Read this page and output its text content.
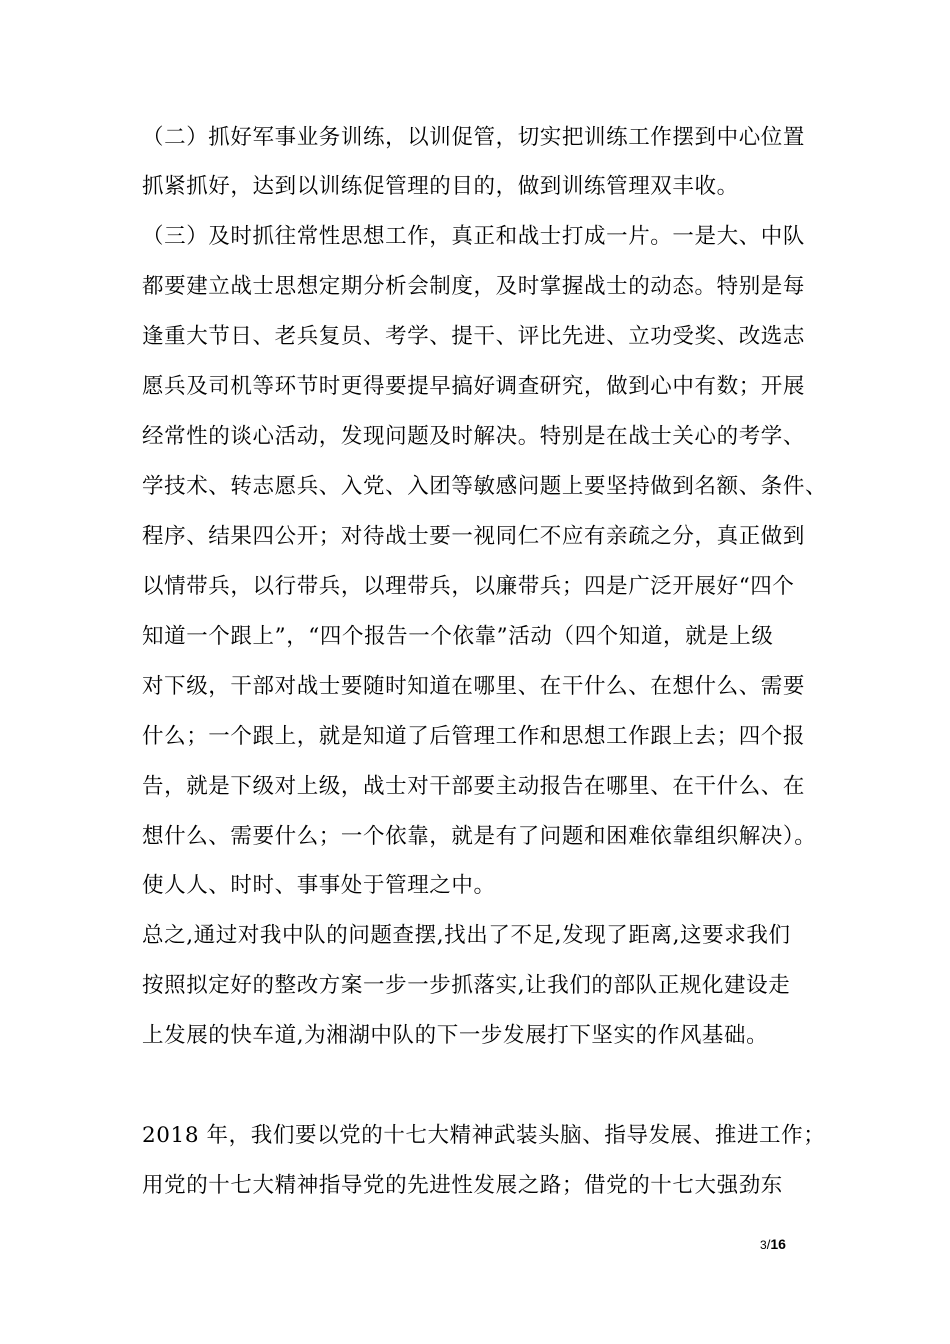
（二）抓好军事业务训练，以训促管，切实把训练工作摆到中心位置
抓紧抓好，达到以训练促管理的目的，做到训练管理双丰收。
（三）及时抓往常性思想工作，真正和战士打成一片。一是大、中队
都要建立战士思想定期分析会制度，及时掌握战士的动态。特别是每
逢重大节日、老兵复员、考学、提干、评比先进、立功受奖、改选志
愿兵及司机等环节时更得要提早搞好调查研究，做到心中有数；开展
经常性的谈心活动，发现问题及时解决。特别是在战士关心的考学、
学技术、转志愿兵、入党、入团等敏感问题上要坚持做到名额、条件、
程序、结果四公开；对待战士要一视同仁不应有亲疏之分，真正做到
以情带兵，以行带兵，以理带兵，以廉带兵；四是广泛开展好“四个
知道一个跟上”，“四个报告一个依靠”活动（四个知道，就是上级
对下级，干部对战士要随时知道在哪里、在干什么、在想什么、需要
什么；一个跟上，就是知道了后管理工作和思想工作跟上去；四个报
告，就是下级对上级，战士对干部要主动报告在哪里、在干什么、在
想什么、需要什么；一个依靠，就是有了问题和困难依靠组织解决）。
使人人、时时、事事处于管理之中。
总之,通过对我中队的问题查摆,找出了不足,发现了距离,这要求我们
按照拟定好的整改方案一步一步抓落实,让我们的部队正规化建设走
上发展的快车道,为湘湖中队的下一步发展打下坚实的作风基础。
2018 年，我们要以党的十七大精神武装头脑、指导发展、推进工作；
用党的十七大精神指导党的先进性发展之路；借党的十七大强劲东
3/16
